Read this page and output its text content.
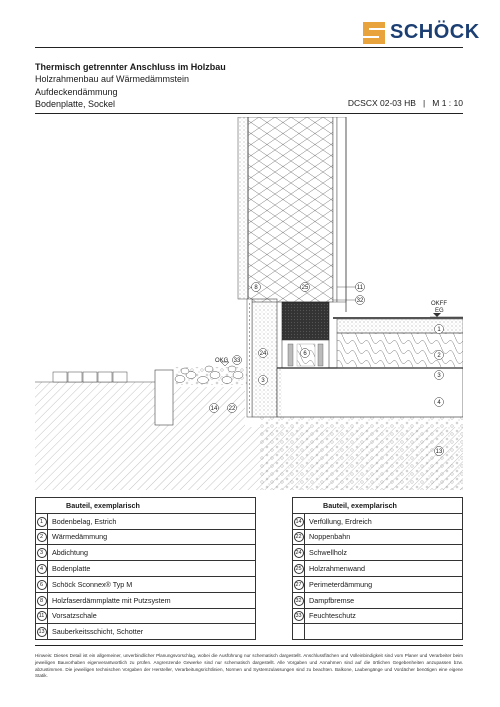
SCHÖCK
Thermisch getrennter Anschluss im Holzbau
Holzrahmenbau auf Wärmedämmstein
Aufdeckendämmung
Bodenplatte, Sockel	DCSCX 02-03 HB   |   M 1 : 10
8	25	11
32
1
2
3
4
13
24	6
3
33
14 22
OKFF
EG
OKG
Bauteil, exemplarisch			Bauteil, exemplarisch	
1	Bodenbelag, Estrich		14	Verfüllung, Erdreich
2	Wärmedämmung		22	Noppenbahn
3	Abdichtung		24	Schwellholz
4	Bodenplatte		25	Holzrahmenwand
6	Schöck Sconnex® Typ M		27	Perimeterdämmung
8	Holzfaserdämmplatte mit Putzsystem		32	Dampfbremse
11	Vorsatzschale		33	Feuchteschutz
13	Sauberkeitsschicht, Schotter			
Hinweis: Dieses Detail ist ein allgemeiner, unverbindlicher Planungsvorschlag, wobei die Ausführung nur schematisch dargestellt. Anschlussflächen und Volleinbindigkeit sind vom Planer und Verarbeiter beim jeweiligen Bauvorhaben eigenverantwortlich zu prüfen. Angrenzende Gewerke sind nur schematisch dargestellt. Alle Vorgaben und Annahmen sind auf die örtlichen Gegebenheiten anzupassen bzw. abzustimmen. Die jeweiligen technischen Vorgaben der Hersteller, Verarbeitungsrichtlinien, Normen und Systemzulassungen sind zu beachten. Balkone, Laubengänge und Vordächer benötigen eine eigene Statik.
